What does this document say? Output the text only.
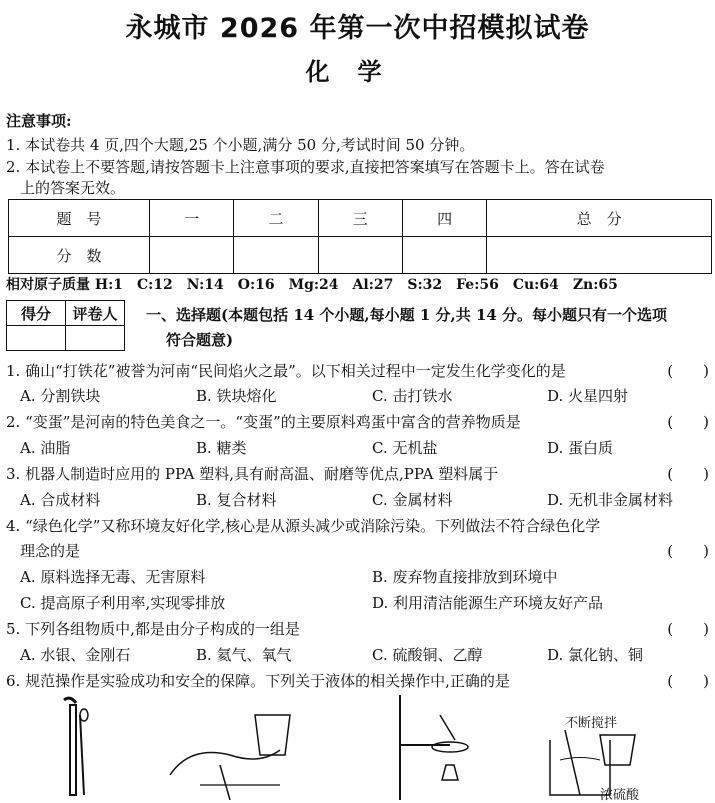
永城市 2026 年第一次中招模拟试卷
化学
注意事项:
1. 本试卷共 4 页,四个大题,25 个小题,满分 50 分,考试时间 50 分钟。
2. 本试卷上不要答题,请按答题卡上注意事项的要求,直接把答案填写在答题卡上。答在试卷
上的答案无效。
题　号	一	二	三	四	总　分
分　数					
相对原子质量 H:1　C:12　N:14　O:16　Mg:24　Al:27　S:32　Fe:56　Cu:64　Zn:65
得分	评卷人
	一、选择题(本题包括 14 个小题,每小题 1 分,共 14 分。每小题只有一个选项
符合题意)
1. 确山“打铁花”被誉为河南“民间焰火之最”。以下相关过程中一定发生化学变化的是	(　　)
A. 分割铁块	B. 铁块熔化	C. 击打铁水	D. 火星四射
2. “变蛋”是河南的特色美食之一。“变蛋”的主要原料鸡蛋中富含的营养物质是	(　　)
A. 油脂	B. 糖类	C. 无机盐	D. 蛋白质
3. 机器人制造时应用的 PPA 塑料,具有耐高温、耐磨等优点,PPA 塑料属于	(　　)
A. 合成材料	B. 复合材料	C. 金属材料	D. 无机非金属材料
4. “绿色化学”又称环境友好化学,核心是从源头减少或消除污染。下列做法不符合绿色化学
理念的是	(　　)
A. 原料选择无毒、无害原料	B. 废弃物直接排放到环境中
C. 提高原子利用率,实现零排放	D. 利用清洁能源生产环境友好产品
5. 下列各组物质中,都是由分子构成的一组是	(　　)
A. 水银、金刚石	B. 氦气、氧气	C. 硫酸铜、乙醇	D. 氯化钠、铜
6. 规范操作是实验成功和安全的保障。下列关于液体的相关操作中,正确的是	(　　)
不断搅拌
浓硫酸
